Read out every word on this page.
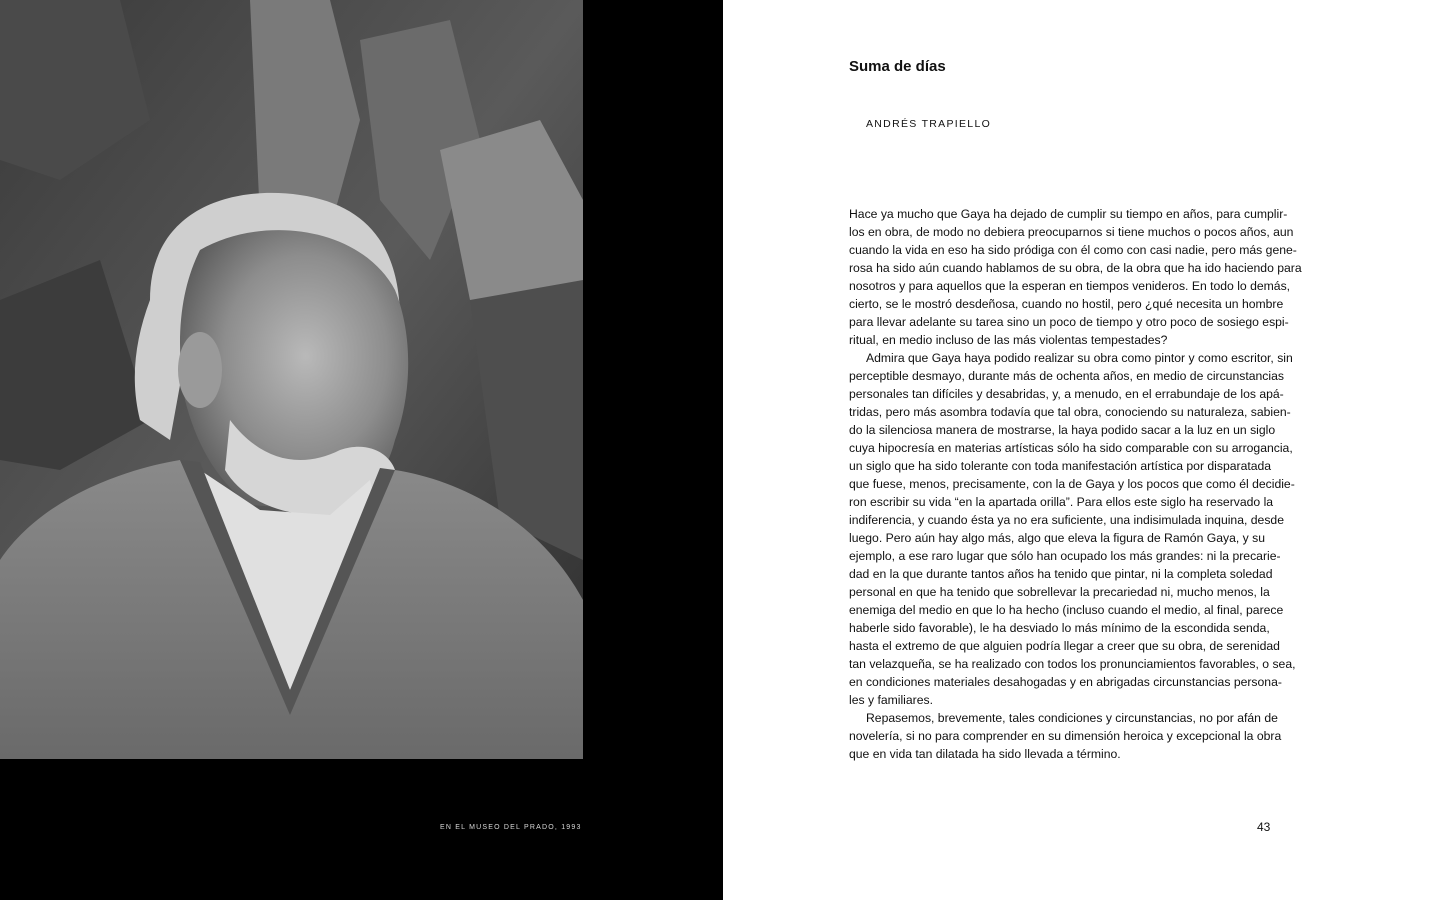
EN EL MUSEO DEL PRADO, 1993
Suma de días
ANDRÉS TRAPIELLO
Hace ya mucho que Gaya ha dejado de cumplir su tiempo en años, para cumplir-
los en obra, de modo no debiera preocuparnos si tiene muchos o pocos años, aun
cuando la vida en eso ha sido pródiga con él como con casi nadie, pero más gene-
rosa ha sido aún cuando hablamos de su obra, de la obra que ha ido haciendo para
nosotros y para aquellos que la esperan en tiempos venideros. En todo lo demás,
cierto, se le mostró desdeñosa, cuando no hostil, pero ¿qué necesita un hombre
para llevar adelante su tarea sino un poco de tiempo y otro poco de sosiego espi-
ritual, en medio incluso de las más violentas tempestades?
Admira que Gaya haya podido realizar su obra como pintor y como escritor, sin
perceptible desmayo, durante más de ochenta años, en medio de circunstancias
personales tan difíciles y desabridas, y, a menudo, en el errabundaje de los apá-
tridas, pero más asombra todavía que tal obra, conociendo su naturaleza, sabien-
do la silenciosa manera de mostrarse, la haya podido sacar a la luz en un siglo
cuya hipocresía en materias artísticas sólo ha sido comparable con su arrogancia,
un siglo que ha sido tolerante con toda manifestación artística por disparatada
que fuese, menos, precisamente, con la de Gaya y los pocos que como él decidie-
ron escribir su vida “en la apartada orilla”. Para ellos este siglo ha reservado la
indiferencia, y cuando ésta ya no era suficiente, una indisimulada inquina, desde
luego. Pero aún hay algo más, algo que eleva la figura de Ramón Gaya, y su
ejemplo, a ese raro lugar que sólo han ocupado los más grandes: ni la precarie-
dad en la que durante tantos años ha tenido que pintar, ni la completa soledad
personal en que ha tenido que sobrellevar la precariedad ni, mucho menos, la
enemiga del medio en que lo ha hecho (incluso cuando el medio, al final, parece
haberle sido favorable), le ha desviado lo más mínimo de la escondida senda,
hasta el extremo de que alguien podría llegar a creer que su obra, de serenidad
tan velazqueña, se ha realizado con todos los pronunciamientos favorables, o sea,
en condiciones materiales desahogadas y en abrigadas circunstancias persona-
les y familiares.
Repasemos, brevemente, tales condiciones y circunstancias, no por afán de
novelería, si no para comprender en su dimensión heroica y excepcional la obra
que en vida tan dilatada ha sido llevada a término.
43
